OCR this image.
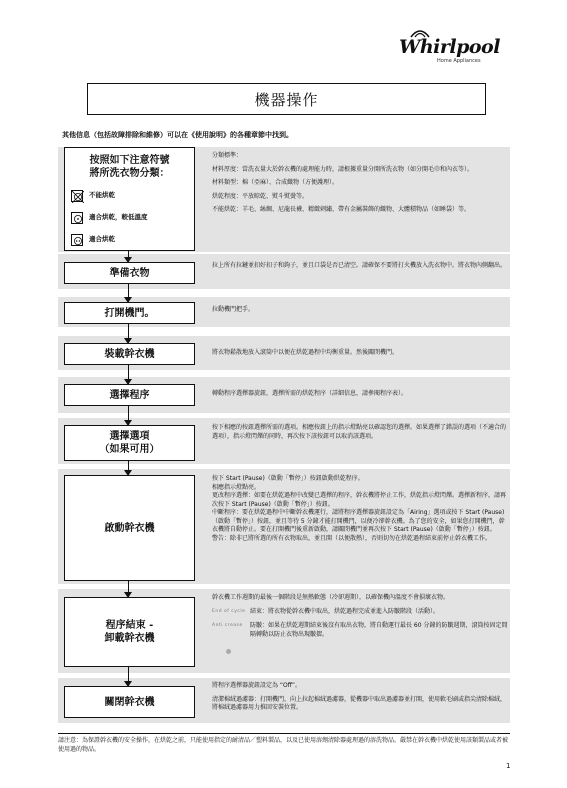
Whirlpool
Home Appliances
機器操作
其他信息（包括故障排除和維修）可以在《使用說明》的各種章節中找到。
按照如下注意符號
將所洗衣物分類：
不能烘乾
適合烘乾，較低溫度
適合烘乾
準備衣物
打開機門。
裝載幹衣機
選擇程序
選擇選項
（如果可用）
啟動幹衣機
程序結束 -
卸載幹衣機
關閉幹衣機

分類標準：

材料厚度：當洗衣量大於幹衣機的處理能力時，請根據重量分開所洗衣物（如分開毛巾和內衣等）。

材料類型：棉（亞麻）、合成織物（方便護理）。

烘乾程度：平放晾乾、熨斗熨燙等。

不能烘乾：羊毛、絲綢、尼龍長襪、精緻刺繡、帶有金屬裝飾的織物、大體積物品（如睡袋）等。

拉上所有拉鏈並扣好扣子和鉤子，並且口袋是否已清空。請確保不要將打火機放入洗衣物中。將衣物內側翻出。

拉動機門把手。

將衣物鬆散地放入滾筒中以便在烘乾過程中均衡重量。然後關閉機門。

轉動程序選擇器旋鈕，選擇所需的烘乾程序（詳細信息，請參閱程序表）。

按下相應的按鈕選擇所需的選項。相應按鈕上的指示燈點亮以確認您的選擇。如果選擇了錯誤的選項（不適合的選項），指示燈閃爍的同時，再次按下該按鈕可以取消該選項。

按下 Start (Pause)（啟動「暫停」）按鈕啟動烘乾程序。

相應指示燈點亮。

更改程序選擇：如要在烘乾過程中改變已選擇的程序，幹衣機將停止工作，烘乾指示燈閃爍。選擇新程序，請再次按下 Start (Pause)（啟動「暫停」）按鈕。

中斷程序：要在烘乾過程中中斷幹衣機運行，請將程序選擇器旋鈕設定為「Airing」選項或按下 Start (Pause)（啟動「暫停」）按鈕，並且等待 5 分鐘才能打開機門，以便冷卻幹衣機。為了您的安全，如果您打開機門，幹衣機將自動停止。要在打開機門後重新啟動，請關閉機門並再次按下 Start (Pause)（啟動「暫停」）按鈕。

警告：除非已將所選的所有衣物取出，並且開（以便散熱），否則切勿在烘乾過程結束前停止幹衣機工作。

幹衣機工作週期的最後一個階段是無熱軟態（冷卻週期），以確保機內溫度不會損壞衣物。

End of cycle 結束：將衣物從幹衣機中取出，烘乾過程完成並進入防皺階段（活動）。
Anti crease	防皺：如果在烘乾週期結束後沒有取出衣物，將自動運行最長 60 分鐘的防皺週期，滾筒按固定間隔轉動以防止衣物出現皺摺。

將程序選擇器旋鈕設定為 “Off”。

清潔棉絨過濾器：打開機門，向上拉起棉絨過濾器，從機器中取出過濾器並打開，使用軟毛刷或指尖清除棉絨，將棉絨過濾器用力推回安裝位置。

請注意：為保證幹衣機的安全操作，在烘乾之前，只能使用指定的耐清品／塑料製品，以及已使用溶劑清除器處理過的溶洗物品。嚴禁在幹衣機中烘乾使用該類製品或者被使用過的物品。
1
